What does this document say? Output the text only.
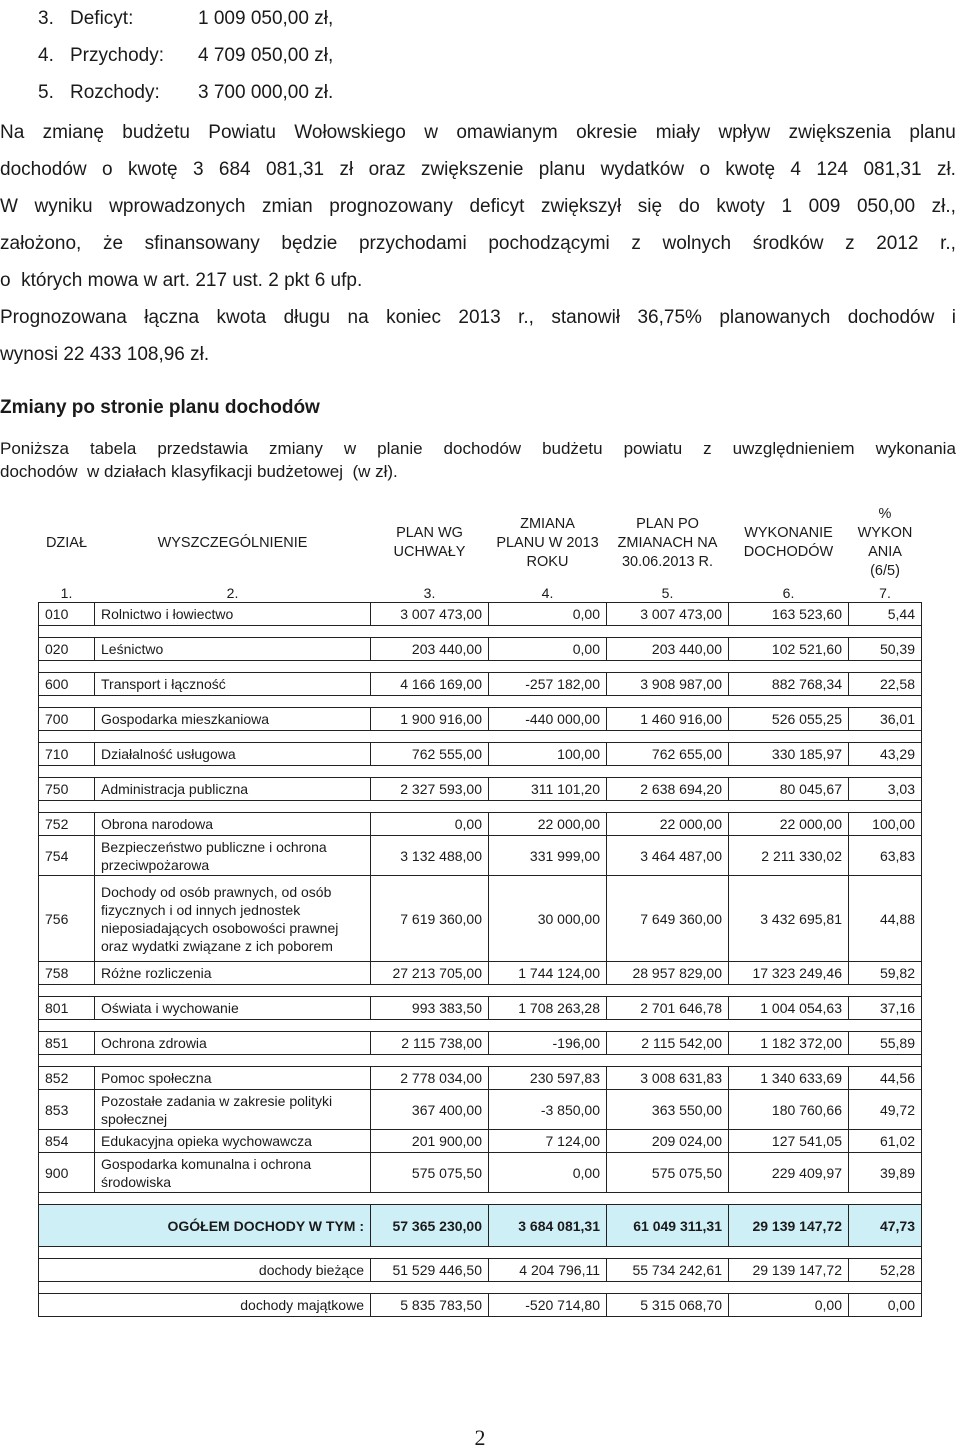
3. Deficyt:	1 009 050,00 zł,
4. Przychody:	4 709 050,00 zł,
5. Rozchody:	3 700 000,00 zł.
Na zmianę budżetu Powiatu Wołowskiego w omawianym okresie miały wpływ zwiększenia planu
dochodów o kwotę 3 684 081,31 zł oraz zwiększenie planu wydatków o kwotę 4 124 081,31 zł.
W wyniku wprowadzonych zmian prognozowany deficyt zwiększył się do kwoty 1 009 050,00 zł.,
założono, że sfinansowany będzie przychodami pochodzącymi z wolnych środków z 2012 r.,
o  których mowa w art. 217 ust. 2 pkt 6 ufp.
Prognozowana łączna kwota długu na koniec 2013 r., stanowił 36,75% planowanych dochodów i
wynosi 22 433 108,96 zł.
Zmiany po stronie planu dochodów
Poniższa tabela przedstawia zmiany w planie dochodów budżetu powiatu z uwzględnieniem wykonania
dochodów  w działach klasyfikacji budżetowej  (w zł).
DZIAŁ	WYSZCZEGÓLNIENIE	PLAN WG UCHWAŁY	ZMIANA PLANU W 2013 ROKU	PLAN PO ZMIANACH NA 30.06.2013 R.	WYKONANIE DOCHODÓW	% WYKON ANIA (6/5)
1.	2.	3.	4.	5.	6.	7.
010	Rolnictwo i łowiectwo	3 007 473,00	0,00	3 007 473,00	163 523,60	5,44

020	Leśnictwo	203 440,00	0,00	203 440,00	102 521,60	50,39

600	Transport i łączność	4 166 169,00	-257 182,00	3 908 987,00	882 768,34	22,58

700	Gospodarka mieszkaniowa	1 900 916,00	-440 000,00	1 460 916,00	526 055,25	36,01

710	Działalność usługowa	762 555,00	100,00	762 655,00	330 185,97	43,29

750	Administracja publiczna	2 327 593,00	311 101,20	2 638 694,20	80 045,67	3,03

752	Obrona narodowa	0,00	22 000,00	22 000,00	22 000,00	100,00
754	Bezpieczeństwo publiczne i ochrona przeciwpożarowa	3 132 488,00	331 999,00	3 464 487,00	2 211 330,02	63,83
756	Dochody od osób prawnych, od osób fizycznych i od innych jednostek nieposiadających osobowości prawnej oraz wydatki związane z ich poborem	7 619 360,00	30 000,00	7 649 360,00	3 432 695,81	44,88
758	Różne rozliczenia	27 213 705,00	1 744 124,00	28 957 829,00	17 323 249,46	59,82

801	Oświata i wychowanie	993 383,50	1 708 263,28	2 701 646,78	1 004 054,63	37,16

851	Ochrona zdrowia	2 115 738,00	-196,00	2 115 542,00	1 182 372,00	55,89

852	Pomoc społeczna	2 778 034,00	230 597,83	3 008 631,83	1 340 633,69	44,56
853	Pozostałe zadania w zakresie polityki społecznej	367 400,00	-3 850,00	363 550,00	180 760,66	49,72
854	Edukacyjna opieka wychowawcza	201 900,00	7 124,00	209 024,00	127 541,05	61,02
900	Gospodarka komunalna i ochrona środowiska	575 075,50	0,00	575 075,50	229 409,97	39,89

OGÓŁEM DOCHODY W TYM :		57 365 230,00	3 684 081,31	61 049 311,31	29 139 147,72	47,73

dochody bieżące		51 529 446,50	4 204 796,11	55 734 242,61	29 139 147,72	52,28

dochody majątkowe		5 835 783,50	-520 714,80	5 315 068,70	0,00	0,00
2
